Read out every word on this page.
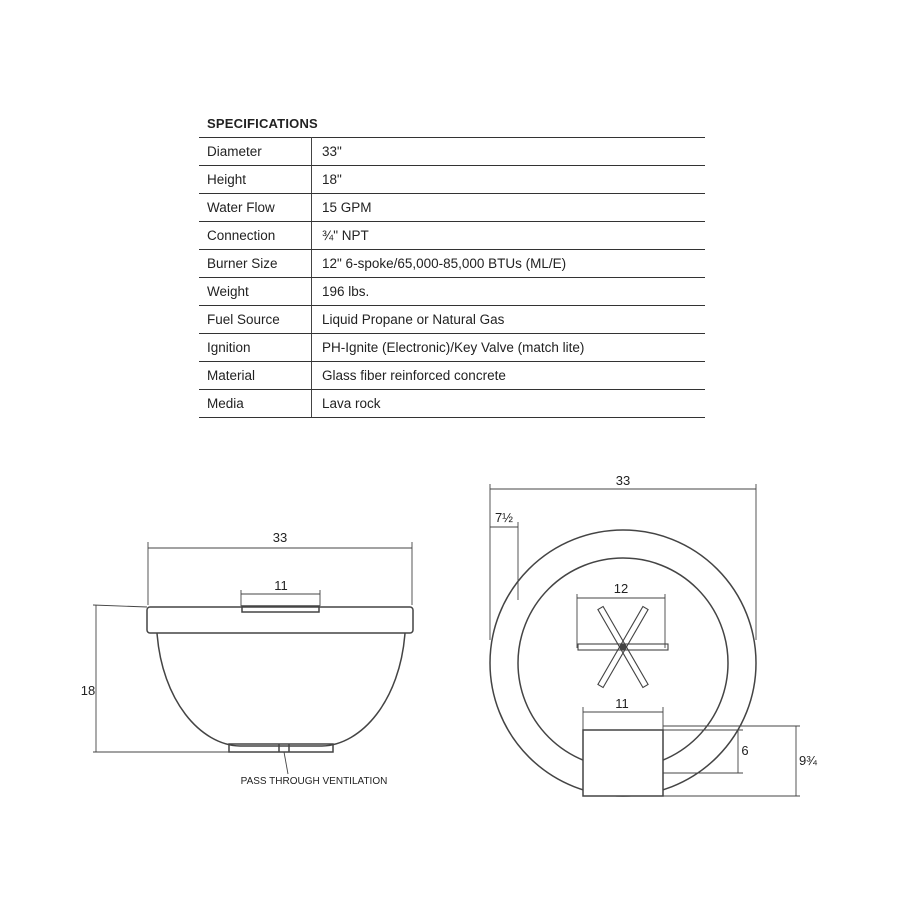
SPECIFICATIONS
Diameter	33"
Height	18"
Water Flow	15 GPM
Connection	¾" NPT
Burner Size	12" 6-spoke/65,000-85,000 BTUs (ML/E)
Weight	196 lbs.
Fuel Source	Liquid Propane or Natural Gas
Ignition	PH-Ignite (Electronic)/Key Valve (match lite)
Material	Glass fiber reinforced concrete
Media	Lava rock
33
11
18
PASS THROUGH VENTILATION
33
7½
12
11
6
9¾
